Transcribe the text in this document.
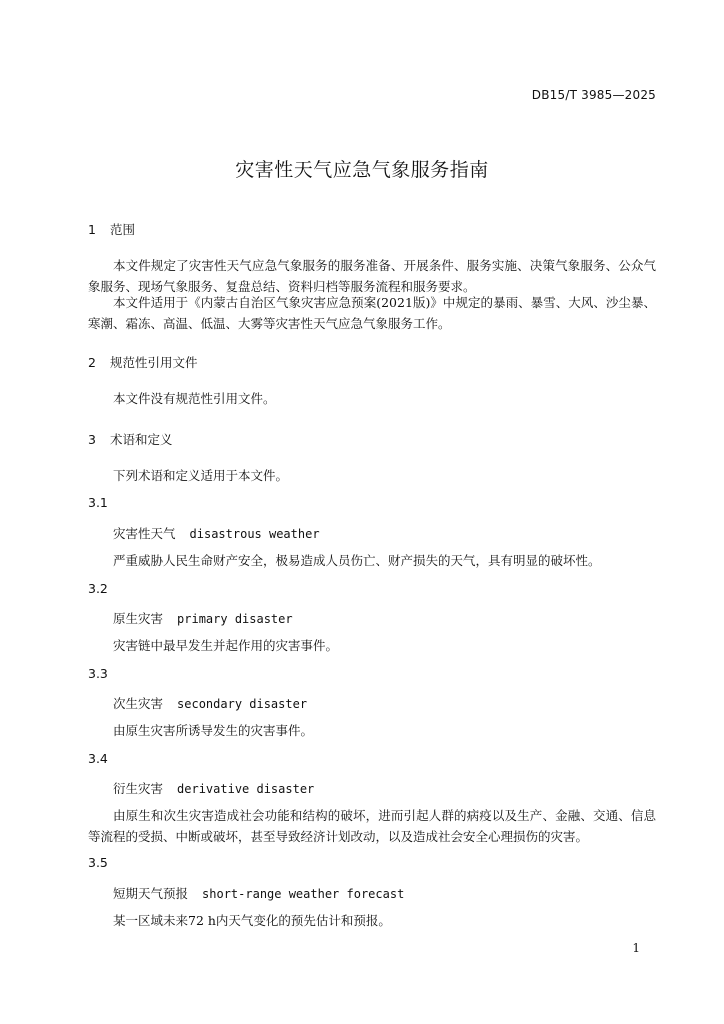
DB15/T 3985—2025
灾害性天气应急气象服务指南
1 范围
本文件规定了灾害性天气应急气象服务的服务准备、开展条件、服务实施、决策气象服务、公众气象服务、现场气象服务、复盘总结、资料归档等服务流程和服务要求。
本文件适用于《内蒙古自治区气象灾害应急预案(2021版)》中规定的暴雨、暴雪、大风、沙尘暴、寒潮、霜冻、高温、低温、大雾等灾害性天气应急气象服务工作。
2 规范性引用文件
本文件没有规范性引用文件。
3 术语和定义
下列术语和定义适用于本文件。
3.1
灾害性天气 disastrous weather
严重威胁人民生命财产安全，极易造成人员伤亡、财产损失的天气，具有明显的破坏性。
3.2
原生灾害 primary disaster
灾害链中最早发生并起作用的灾害事件。
3.3
次生灾害 secondary disaster
由原生灾害所诱导发生的灾害事件。
3.4
衍生灾害 derivative disaster
由原生和次生灾害造成社会功能和结构的破坏，进而引起人群的病疫以及生产、金融、交通、信息等流程的受损、中断或破坏，甚至导致经济计划改动，以及造成社会安全心理损伤的灾害。
3.5
短期天气预报 short-range weather forecast
某一区域未来72 h内天气变化的预先估计和预报。
1
